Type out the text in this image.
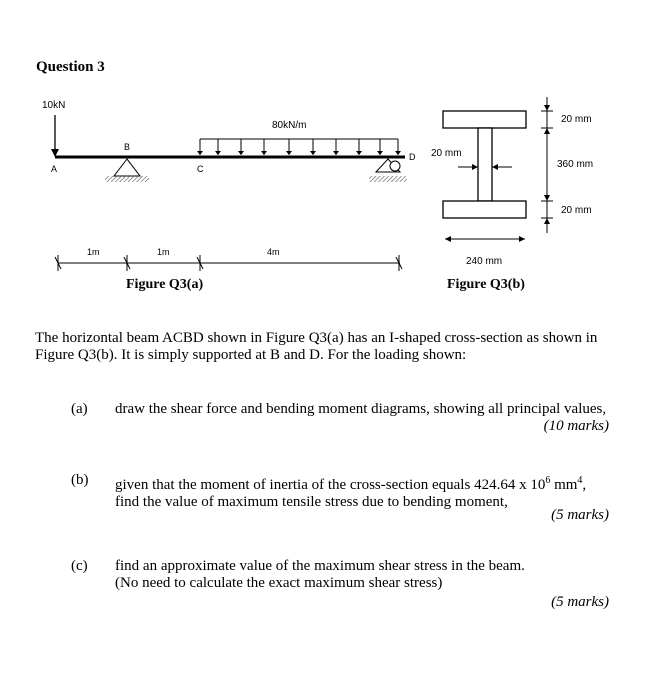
Question 3
10kN
80kN/m
A
B
C
D
1m	1m	4m
20 mm
360 mm
20 mm
20 mm
240 mm
Figure Q3(a)	Figure Q3(b)
The horizontal beam ACBD shown in Figure Q3(a) has an I-shaped cross-section as shown in Figure Q3(b). It is simply supported at B and D. For the loading shown:
(a) draw the shear force and bending moment diagrams, showing all principal values,
(10 marks)
(b) given that the moment of inertia of the cross-section equals 424.64 x $10^6$ $mm^4$,
find the value of maximum tensile stress due to bending moment,
(5 marks)
(c) find an approximate value of the maximum shear stress in the beam.
(No need to calculate the exact maximum shear stress)
(5 marks)
